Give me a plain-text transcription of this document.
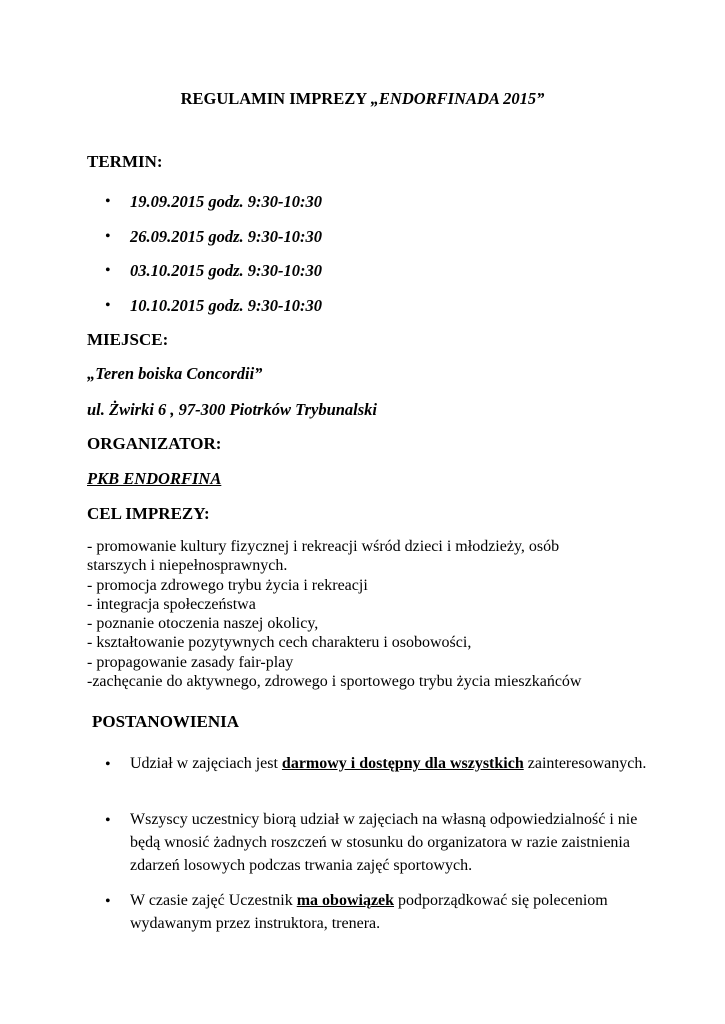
REGULAMIN IMPREZY „ENDORFINADA 2015”
TERMIN:
• 19.09.2015 godz. 9:30-10:30
• 26.09.2015 godz. 9:30-10:30
• 03.10.2015 godz. 9:30-10:30
• 10.10.2015 godz. 9:30-10:30
MIEJSCE:
„Teren boiska Concordii”
ul. Żwirki 6 , 97-300 Piotrków Trybunalski
ORGANIZATOR:
PKB ENDORFINA
CEL IMPREZY:
- promowanie kultury fizycznej i rekreacji wśród dzieci i młodzieży, osób
starszych i niepełnosprawnych.
- promocja zdrowego trybu życia i rekreacji
- integracja społeczeństwa
- poznanie otoczenia naszej okolicy,
- kształtowanie pozytywnych cech charakteru i osobowości,
- propagowanie zasady fair-play
-zachęcanie do aktywnego, zdrowego i sportowego trybu życia mieszkańców
POSTANOWIENIA
• Udział w zajęciach jest darmowy i dostępny dla wszystkich zainteresowanych.
• Wszyscy uczestnicy biorą udział w zajęciach na własną odpowiedzialność i nie będą wnosić żadnych roszczeń w stosunku do organizatora w razie zaistnienia zdarzeń losowych podczas trwania zajęć sportowych.
• W czasie zajęć Uczestnik ma obowiązek podporządkować się poleceniom wydawanym przez instruktora, trenera.
